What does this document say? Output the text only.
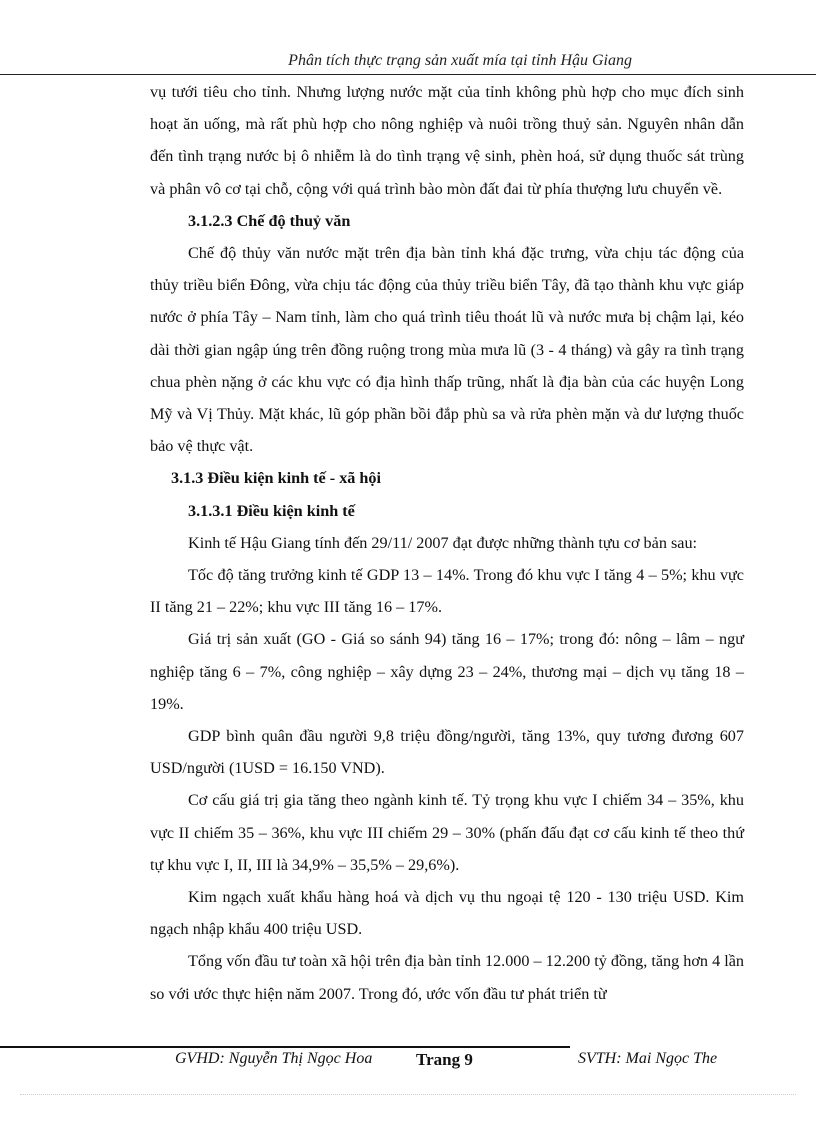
Phân tích thực trạng sản xuất mía tại tỉnh Hậu Giang

vụ tưới tiêu cho tỉnh. Nhưng lượng nước mặt của tỉnh không phù hợp cho mục đích sinh hoạt ăn uống, mà rất phù hợp cho nông nghiệp và nuôi trồng thuỷ sản. Nguyên nhân dẫn đến tình trạng nước bị ô nhiễm là do tình trạng vệ sinh, phèn hoá, sử dụng thuốc sát trùng và phân vô cơ tại chỗ, cộng với quá trình bào mòn đất đai từ phía thượng lưu chuyển về.

3.1.2.3 Chế độ thuỷ văn

Chế độ thủy văn nước mặt trên địa bàn tỉnh khá đặc trưng, vừa chịu tác động của thủy triều biển Đông, vừa chịu tác động của thủy triều biển Tây, đã tạo thành khu vực giáp nước ở phía Tây – Nam tỉnh, làm cho quá trình tiêu thoát lũ và nước mưa bị chậm lại, kéo dài thời gian ngập úng trên đồng ruộng trong mùa mưa lũ (3 - 4 tháng) và gây ra tình trạng chua phèn nặng ở các khu vực có địa hình thấp trũng, nhất là địa bàn của các huyện Long Mỹ và Vị Thủy. Mặt khác, lũ góp phần bồi đắp phù sa và rửa phèn mặn và dư lượng thuốc bảo vệ thực vật.

3.1.3 Điều kiện kinh tế - xã hội
3.1.3.1 Điều kiện kinh tế

Kinh tế Hậu Giang tính đến 29/11/ 2007 đạt được những thành tựu cơ bản sau:

Tốc độ tăng trưởng kinh tế GDP 13 – 14%. Trong đó khu vực I tăng 4 – 5%; khu vực II tăng 21 – 22%; khu vực III tăng 16 – 17%.

Giá trị sản xuất (GO - Giá so sánh 94) tăng 16 – 17%; trong đó: nông – lâm – ngư nghiệp tăng 6 – 7%, công nghiệp – xây dựng 23 – 24%, thương mại – dịch vụ tăng 18 – 19%.

GDP bình quân đầu người 9,8 triệu đồng/người, tăng 13%, quy tương đương 607 USD/người (1USD = 16.150 VND).

Cơ cấu giá trị gia tăng theo ngành kinh tế. Tỷ trọng khu vực I chiếm 34 – 35%, khu vực II chiếm 35 – 36%, khu vực III chiếm 29 – 30% (phấn đấu đạt cơ cấu kinh tế theo thứ tự khu vực I, II, III là 34,9% – 35,5% – 29,6%).

Kim ngạch xuất khẩu hàng hoá và dịch vụ thu ngoại tệ 120 - 130 triệu USD. Kim ngạch nhập khẩu 400 triệu USD.

Tổng vốn đầu tư toàn xã hội trên địa bàn tỉnh 12.000 – 12.200 tỷ đồng, tăng hơn 4 lần so với ước thực hiện năm 2007. Trong đó, ước vốn đầu tư phát triển từ

GVHD: Nguyễn Thị Ngọc Hoa	Trang 9	SVTH: Mai Ngọc The
